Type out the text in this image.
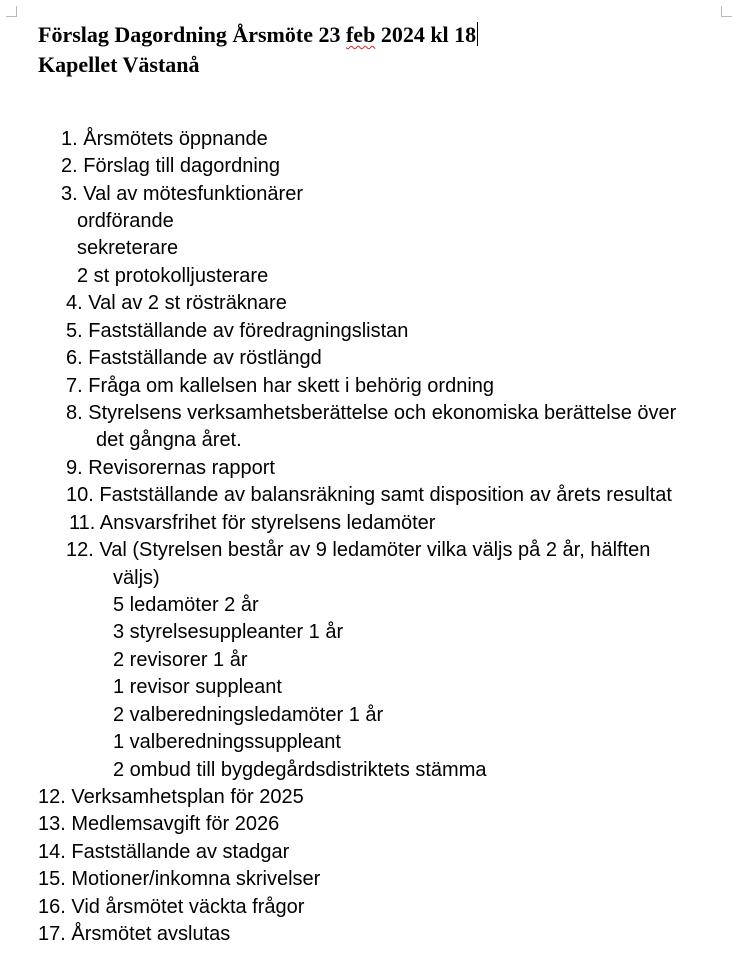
Förslag Dagordning Årsmöte 23 feb 2024 kl 18
Kapellet Västanå
1. Årsmötets öppnande
2. Förslag till dagordning
3. Val av mötesfunktionärer
ordförande
sekreterare
2 st protokolljusterare
4. Val av 2 st rösträknare
5. Fastställande av föredragningslistan
6. Fastställande av röstlängd
7. Fråga om kallelsen har skett i behörig ordning
8. Styrelsens verksamhetsberättelse och ekonomiska berättelse över
det gångna året.
9. Revisorernas rapport
10. Fastställande av balansräkning samt disposition av årets resultat
11. Ansvarsfrihet för styrelsens ledamöter
12. Val (Styrelsen består av 9 ledamöter vilka väljs på 2 år, hälften
väljs)
5 ledamöter 2 år
3 styrelsesuppleanter 1 år
2 revisorer 1 år
1 revisor suppleant
2 valberedningsledamöter 1 år
1 valberedningssuppleant
2 ombud till bygdegårdsdistriktets stämma
12. Verksamhetsplan för 2025
13. Medlemsavgift för 2026
14. Fastställande av stadgar
15. Motioner/inkomna skrivelser
16. Vid årsmötet väckta frågor
17. Årsmötet avslutas
